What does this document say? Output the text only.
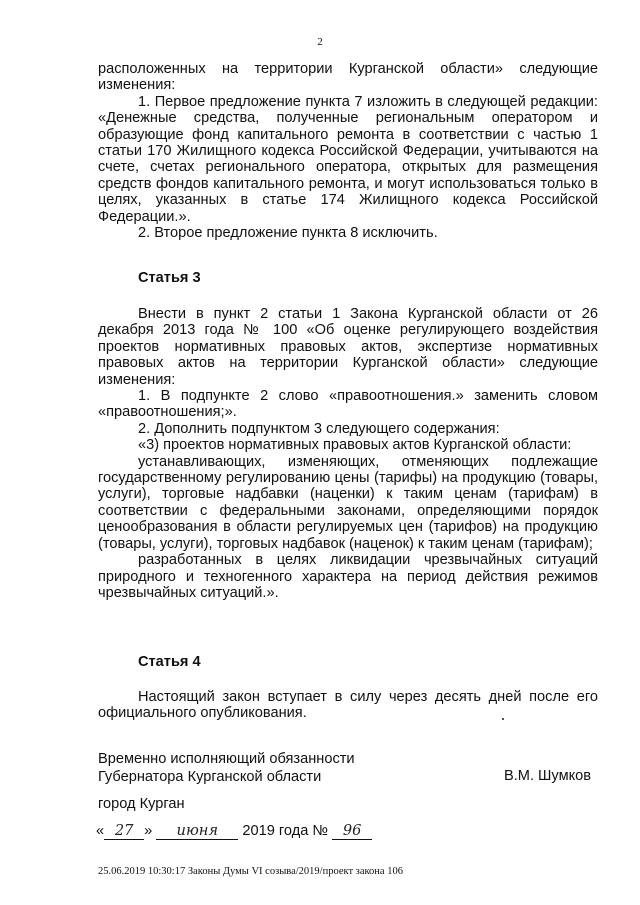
2

расположенных на территории Курганской области» следующие изменения:

1. Первое предложение пункта 7 изложить в следующей редакции: «Денежные средства, полученные региональным оператором и образующие фонд капитального ремонта в соответствии с частью 1 статьи 170 Жилищного кодекса Российской Федерации, учитываются на счете, счетах регионального оператора, открытых для размещения средств фондов капитального ремонта, и могут использоваться только в целях, указанных в статье 174 Жилищного кодекса Российской Федерации.».

2. Второе предложение пункта 8 исключить.

Статья 3

Внести в пункт 2 статьи 1 Закона Курганской области от 26 декабря 2013 года № 100 «Об оценке регулирующего воздействия проектов нормативных правовых актов, экспертизе нормативных правовых актов на территории Курганской области» следующие изменения:

1. В подпункте 2 слово «правоотношения.» заменить словом «правоотношения;».

2. Дополнить подпунктом 3 следующего содержания:

«3) проектов нормативных правовых актов Курганской области:

устанавливающих, изменяющих, отменяющих подлежащие государственному регулированию цены (тарифы) на продукцию (товары, услуги), торговые надбавки (наценки) к таким ценам (тарифам) в соответствии с федеральными законами, определяющими порядок ценообразования в области регулируемых цен (тарифов) на продукцию (товары, услуги), торговых надбавок (наценок) к таким ценам (тарифам);

разработанных в целях ликвидации чрезвычайных ситуаций природного и техногенного характера на период действия режимов чрезвычайных ситуаций.».

Статья 4

Настоящий закон вступает в силу через десять дней после его официального опубликования.

Временно исполняющий обязанности
Губернатора Курганской области	В.М. Шумков
город Курган
« 27 » июня 2019 года № 96
25.06.2019 10:30:17 Законы Думы VI созыва/2019/проект закона 106
